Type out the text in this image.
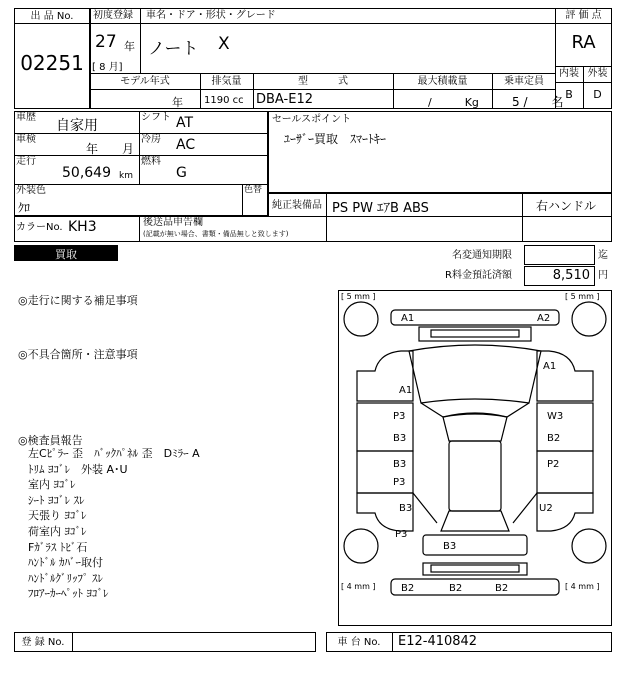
出 品 No.
02251
初度登録 車名・ドア・形状・グレード
27 年
[ 8 月]
ノート X
評 価 点
RA
内装 外装
B	D
モデル年式	排気量	型　　　式	最大積載量	乗車定員
年 1190 cc DBA-E12	/　　　Kg	5 /　　名
車歴
自家用
シフト AT
車検
年　　月
冷房 AC
走行
50,649 km
燃料
G
セールスポイント
ﾕｰｻﾞｰ買取　ｽﾏｰﾄｷｰ
外装色
ｸﾛ
色替
純正装備品 PS PW ｴｱB ABS	右ハンドル
カラーNo. KH3	後送品申告欄
(記載が無い場合、書類・備品無しと致します)
買取	名変通知期限	迄
R料金預託済額	8,510 円
◎走行に関する補足事項
◎不具合箇所・注意事項
◎検査員報告
左Cﾋﾟﾗｰ 歪　ﾊﾞｯｸﾊﾟﾈﾙ 歪　Dﾐﾗｰ A
ﾄﾘﾑ ﾖｺﾞﾚ　外装 A･U
室内 ﾖｺﾞﾚ
ｼｰﾄ ﾖｺﾞﾚ ｽﾚ
天張り ﾖｺﾞﾚ
荷室内 ﾖｺﾞﾚ
Fｶﾞﾗｽ ﾄﾋﾞ石
ﾊﾝﾄﾞﾙ ｶﾊﾞｰ取付
ﾊﾝﾄﾞﾙｸﾞﾘｯﾌﾟ ｽﾚ
ﾌﾛｱｰｶｰﾍﾟｯﾄ ﾖｺﾞﾚ
[ 5 mm ]	[ 5 mm ]
[ 4 mm ]	[ 4 mm ]
A1	A2
A1
A1
P3
B3
W3
B2
B3
P3
P2
B3
P3
U2
B3
B2	B2	B2
登 録 No.	車 台 No.	E12-410842
